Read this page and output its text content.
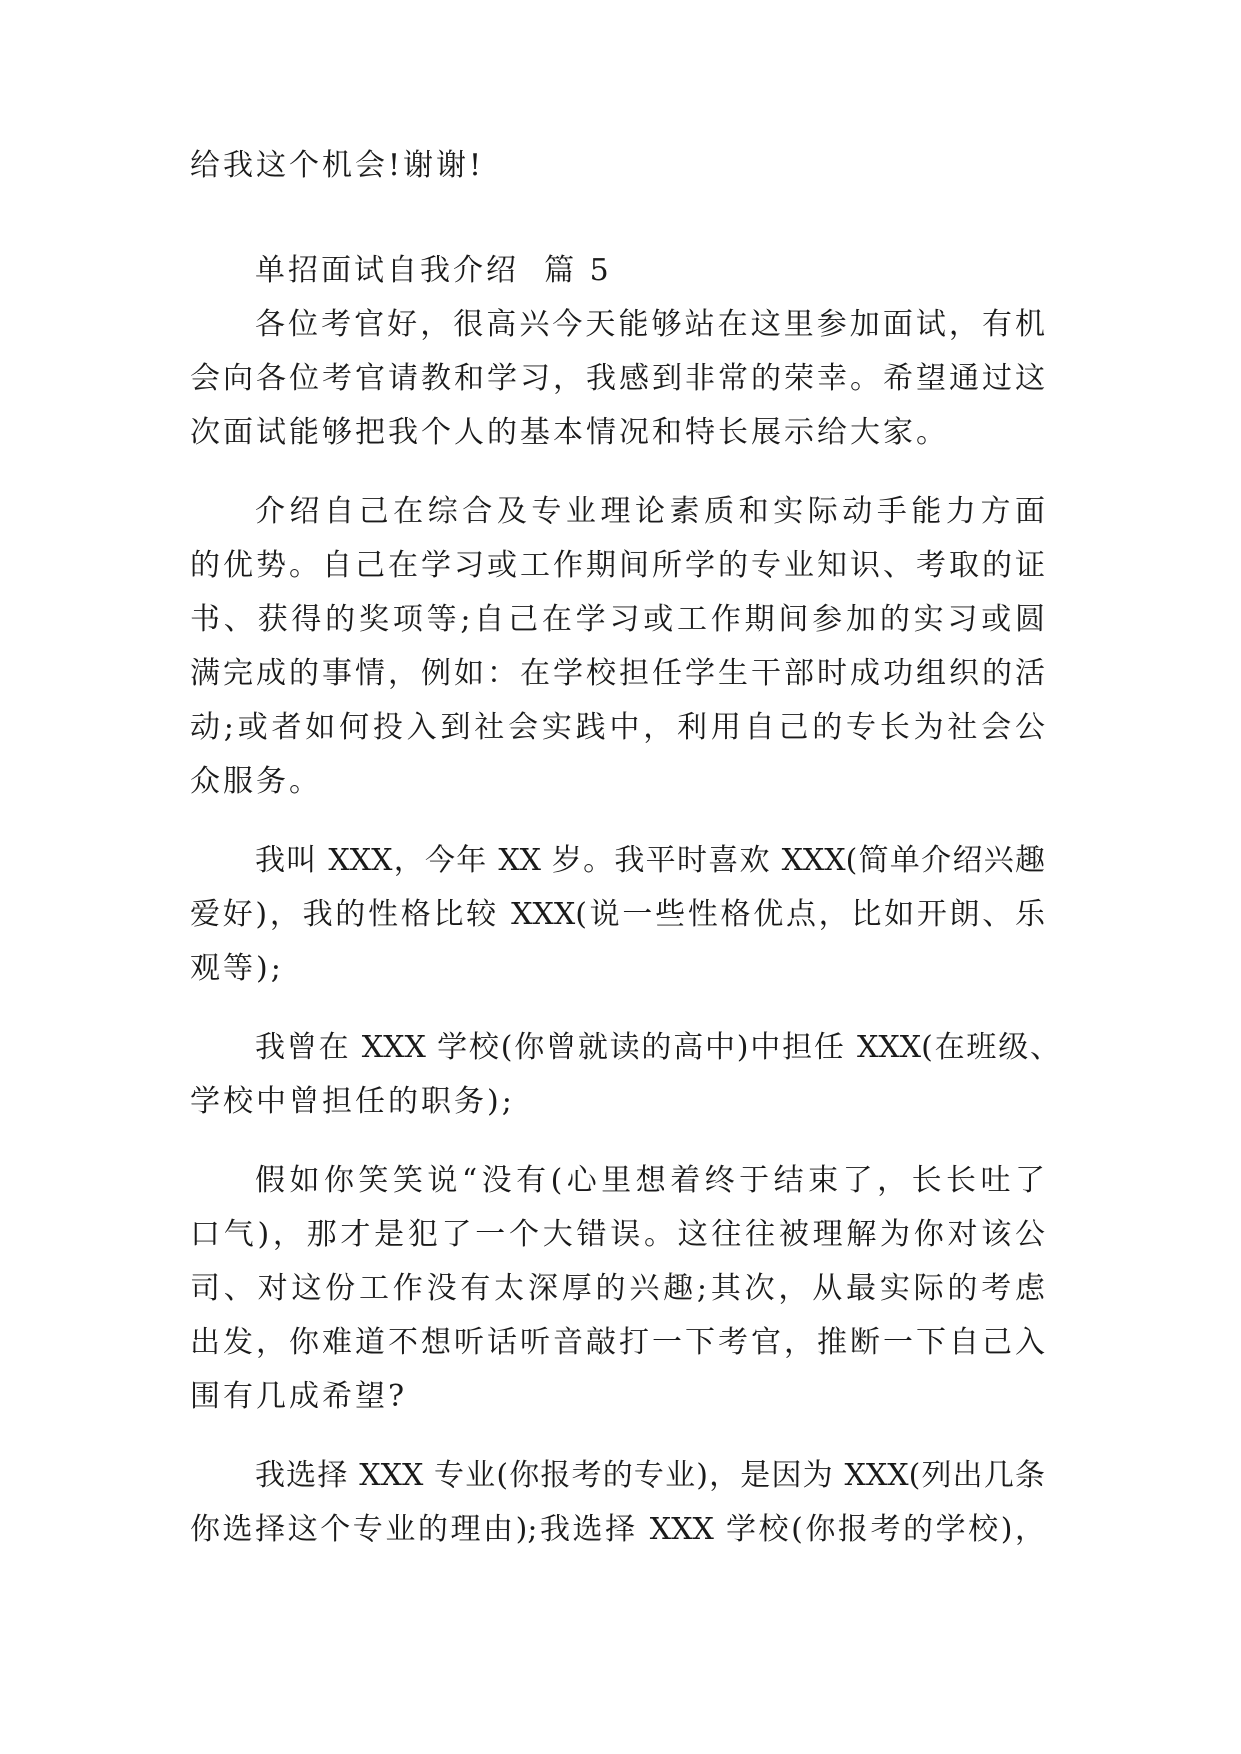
给我这个机会!谢谢!
单招面试自我介绍  篇 5
各位考官好，很高兴今天能够站在这里参加面试，有机
会向各位考官请教和学习，我感到非常的荣幸。希望通过这
次面试能够把我个人的基本情况和特长展示给大家。
介绍自己在综合及专业理论素质和实际动手能力方面
的优势。自己在学习或工作期间所学的专业知识、考取的证
书、获得的奖项等;自己在学习或工作期间参加的实习或圆
满完成的事情，例如：在学校担任学生干部时成功组织的活
动;或者如何投入到社会实践中，利用自己的专长为社会公
众服务。
我叫 XXX，今年 XX 岁。我平时喜欢 XXX(简单介绍兴趣
爱好)，我的性格比较 XXX(说一些性格优点，比如开朗、乐
观等);
我曾在 XXX 学校(你曾就读的高中)中担任 XXX(在班级、
学校中曾担任的职务);
假如你笑笑说“没有(心里想着终于结束了，长长吐了
口气)，那才是犯了一个大错误。这往往被理解为你对该公
司、对这份工作没有太深厚的兴趣;其次，从最实际的考虑
出发，你难道不想听话听音敲打一下考官，推断一下自己入
围有几成希望?
我选择 XXX 专业(你报考的专业)，是因为 XXX(列出几条
你选择这个专业的理由);我选择 XXX 学校(你报考的学校)，
